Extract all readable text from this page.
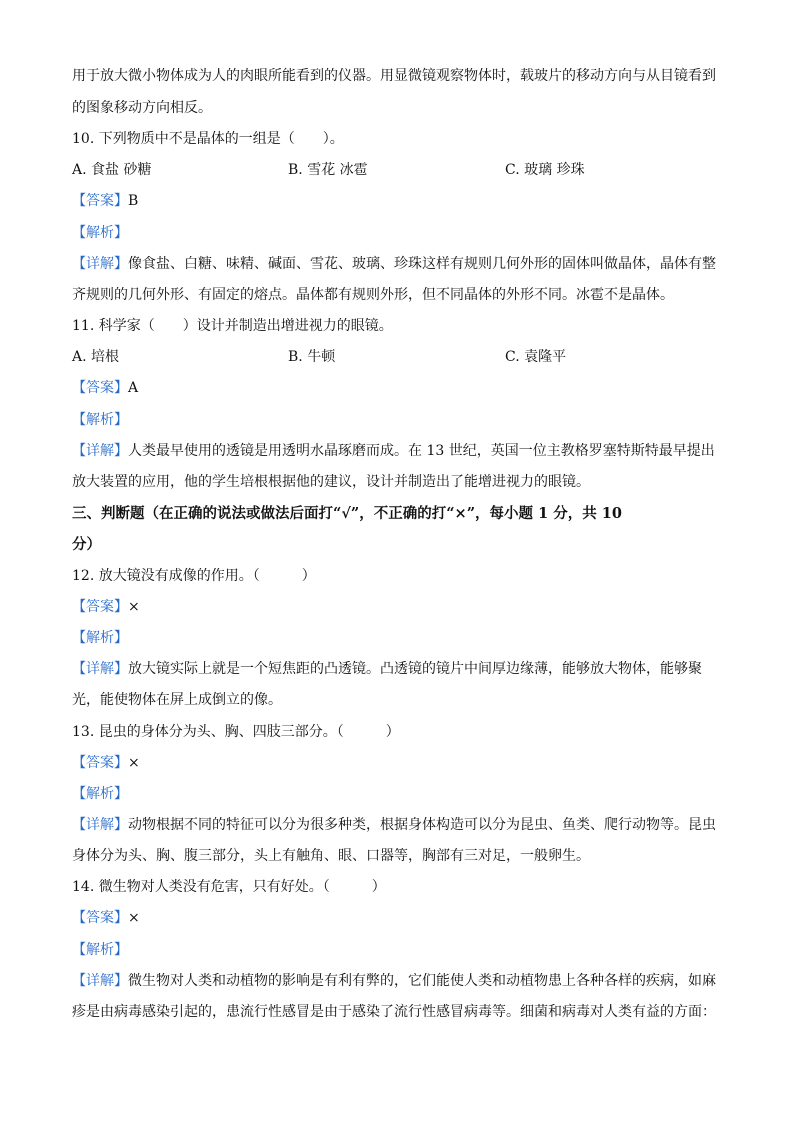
用于放大微小物体成为人的肉眼所能看到的仪器。用显微镜观察物体时，载玻片的移动方向与从目镜看到
的图象移动方向相反。
10. 下列物质中不是晶体的一组是（　　）。
A. 食盐 砂糖	B. 雪花 冰雹	C. 玻璃 珍珠
【答案】B
【解析】
【详解】像食盐、白糖、味精、碱面、雪花、玻璃、珍珠这样有规则几何外形的固体叫做晶体，晶体有整
齐规则的几何外形、有固定的熔点。晶体都有规则外形，但不同晶体的外形不同。冰雹不是晶体。
11. 科学家（　　）设计并制造出增进视力的眼镜。
A. 培根	B. 牛顿	C. 袁隆平
【答案】A
【解析】
【详解】人类最早使用的透镜是用透明水晶琢磨而成。在 13 世纪，英国一位主教格罗塞特斯特最早提出
放大装置的应用，他的学生培根根据他的建议，设计并制造出了能增进视力的眼镜。
三、判断题（在正确的说法或做法后面打“√”，不正确的打“×”，每小题 1 分，共 10
分）
12. 放大镜没有成像的作用。（　　　）
【答案】×
【解析】
【详解】放大镜实际上就是一个短焦距的凸透镜。凸透镜的镜片中间厚边缘薄，能够放大物体，能够聚
光，能使物体在屏上成倒立的像。
13. 昆虫的身体分为头、胸、四肢三部分。（　　　）
【答案】×
【解析】
【详解】动物根据不同的特征可以分为很多种类，根据身体构造可以分为昆虫、鱼类、爬行动物等。昆虫
身体分为头、胸、腹三部分，头上有触角、眼、口器等，胸部有三对足，一般卵生。
14. 微生物对人类没有危害，只有好处。（　　　）
【答案】×
【解析】
【详解】微生物对人类和动植物的影响是有利有弊的，它们能使人类和动植物患上各种各样的疾病，如麻
疹是由病毒感染引起的，患流行性感冒是由于感染了流行性感冒病毒等。细菌和病毒对人类有益的方面：
